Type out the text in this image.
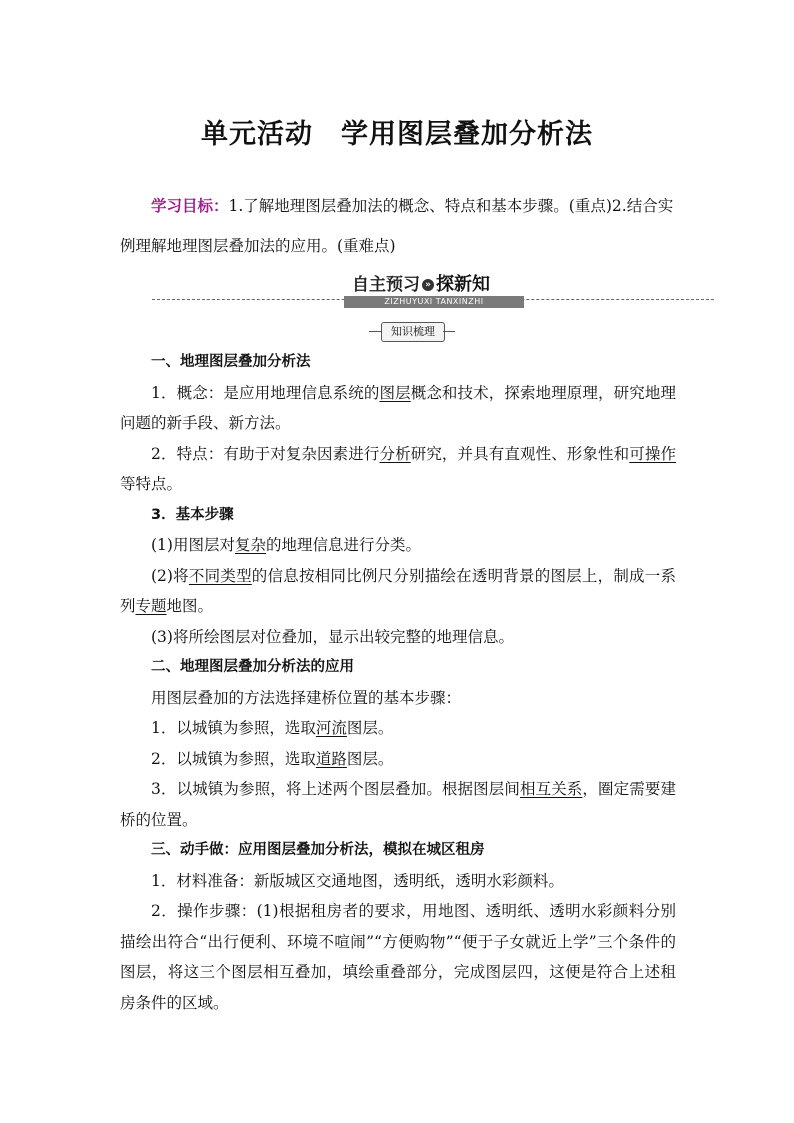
单元活动　学用图层叠加分析法
学习目标：1.了解地理图层叠加法的概念、特点和基本步骤。(重点)2.结合实例理解地理图层叠加法的应用。(重难点)
自主预习 » 探新知
ZIZHUYUXI TANXINZHI
知识梳理

一、地理图层叠加分析法

1．概念：是应用地理信息系统的图层概念和技术，探索地理原理，研究地理问题的新手段、新方法。

2．特点：有助于对复杂因素进行分析研究，并具有直观性、形象性和可操作等特点。

3．基本步骤

(1)用图层对复杂的地理信息进行分类。

(2)将不同类型的信息按相同比例尺分别描绘在透明背景的图层上，制成一系列专题地图。

(3)将所绘图层对位叠加，显示出较完整的地理信息。

二、地理图层叠加分析法的应用

用图层叠加的方法选择建桥位置的基本步骤：

1．以城镇为参照，选取河流图层。

2．以城镇为参照，选取道路图层。

3．以城镇为参照，将上述两个图层叠加。根据图层间相互关系，圈定需要建桥的位置。

三、动手做：应用图层叠加分析法，模拟在城区租房

1．材料准备：新版城区交通地图，透明纸，透明水彩颜料。

2．操作步骤：(1)根据租房者的要求，用地图、透明纸、透明水彩颜料分别描绘出符合“出行便利、环境不喧闹”“方便购物”“便于子女就近上学”三个条件的图层，将这三个图层相互叠加，填绘重叠部分，完成图层四，这便是符合上述租房条件的区域。
